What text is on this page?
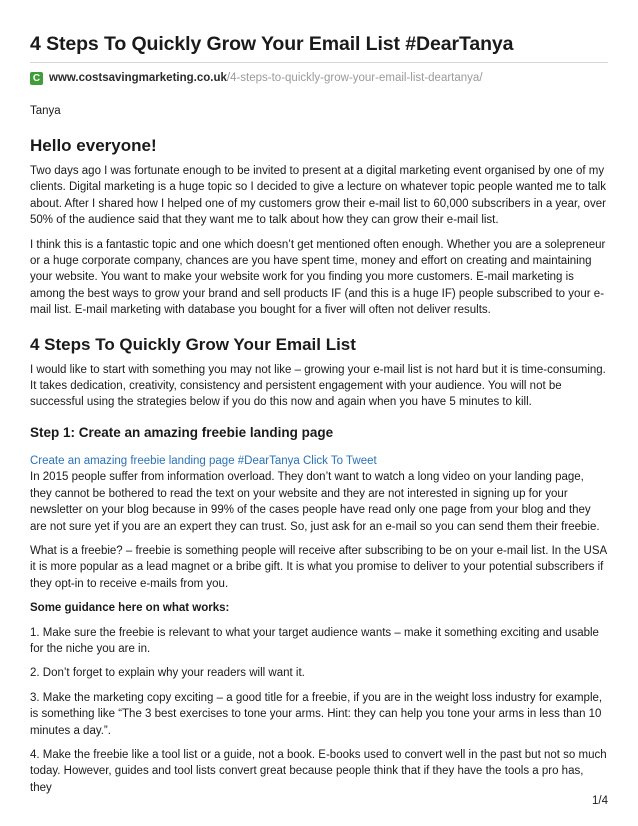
4 Steps To Quickly Grow Your Email List #DearTanya
C www.costsavingmarketing.co.uk /4-steps-to-quickly-grow-your-email-list-deartanya/
Tanya
Hello everyone!

Two days ago I was fortunate enough to be invited to present at a digital marketing event organised by one of my clients. Digital marketing is a huge topic so I decided to give a lecture on whatever topic people wanted me to talk about. After I shared how I helped one of my customers grow their e-mail list to 60,000 subscribers in a year, over 50% of the audience said that they want me to talk about how they can grow their e-mail list.

I think this is a fantastic topic and one which doesn’t get mentioned often enough. Whether you are a solepreneur or a huge corporate company, chances are you have spent time, money and effort on creating and maintaining your website. You want to make your website work for you finding you more customers. E-mail marketing is among the best ways to grow your brand and sell products IF (and this is a huge IF) people subscribed to your e-mail list. E-mail marketing with database you bought for a fiver will often not deliver results.

4 Steps To Quickly Grow Your Email List

I would like to start with something you may not like – growing your e-mail list is not hard but it is time-consuming. It takes dedication, creativity, consistency and persistent engagement with your audience. You will not be successful using the strategies below if you do this now and again when you have 5 minutes to kill.

Step 1: Create an amazing freebie landing page
Create an amazing freebie landing page #DearTanya Click To Tweet

In 2015 people suffer from information overload. They don’t want to watch a long video on your landing page, they cannot be bothered to read the text on your website and they are not interested in signing up for your newsletter on your blog because in 99% of the cases people have read only one page from your blog and they are not sure yet if you are an expert they can trust. So, just ask for an e-mail so you can send them their freebie.

What is a freebie? – freebie is something people will receive after subscribing to be on your e-mail list. In the USA it is more popular as a lead magnet or a bribe gift. It is what you promise to deliver to your potential subscribers if they opt-in to receive e-mails from you.

Some guidance here on what works:

1. Make sure the freebie is relevant to what your target audience wants – make it something exciting and usable for the niche you are in.

2. Don’t forget to explain why your readers will want it.

3. Make the marketing copy exciting – a good title for a freebie, if you are in the weight loss industry for example, is something like “The 3 best exercises to tone your arms. Hint: they can help you tone your arms in less than 10 minutes a day.”.

4. Make the freebie like a tool list or a guide, not a book. E-books used to convert well in the past but not so much today. However, guides and tool lists convert great because people think that if they have the tools a pro has, they

1/4
